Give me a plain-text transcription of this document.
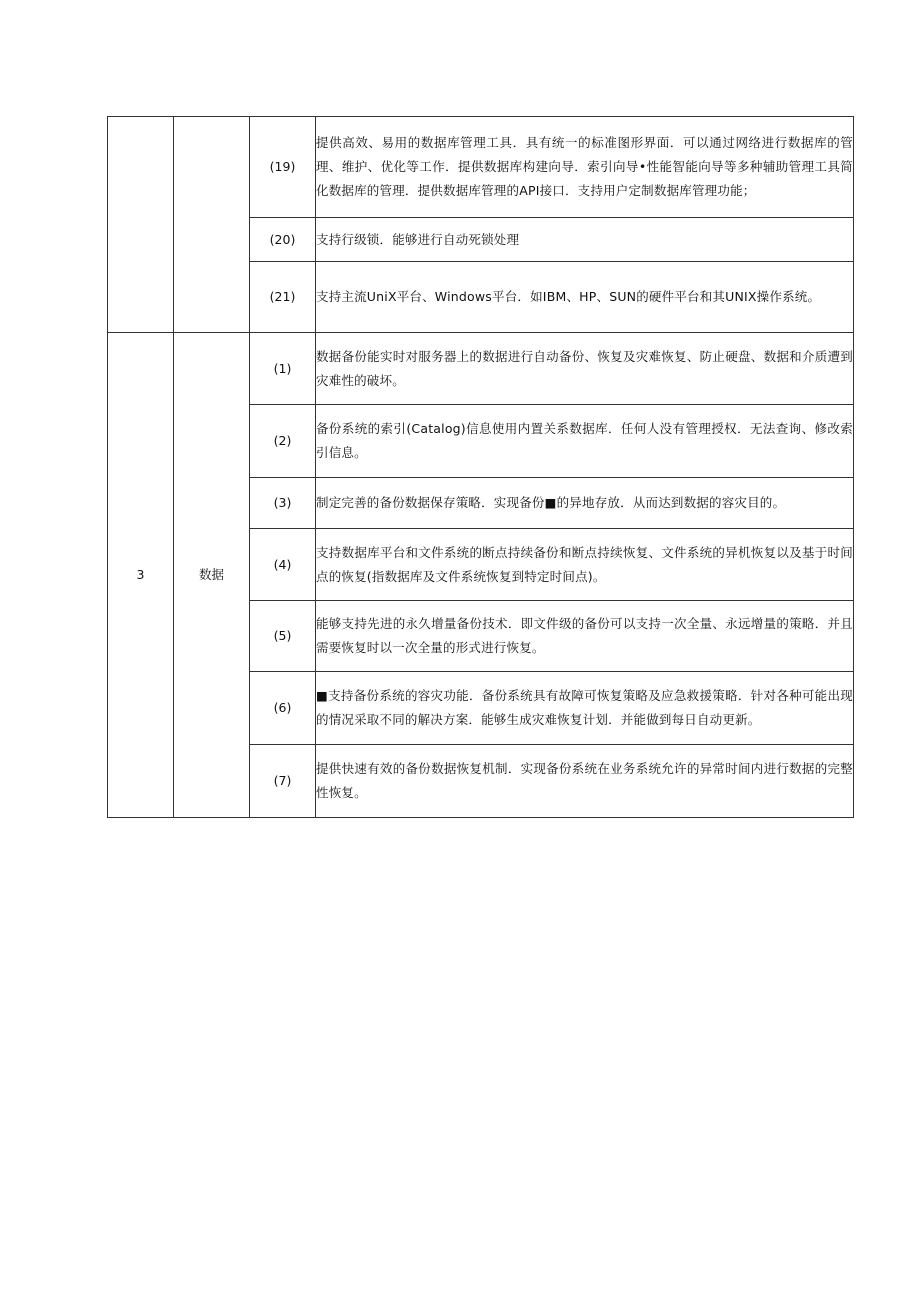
		(19)	提供高效、易用的数据库管理工具．具有统一的标准图形界面．可以通过网络进行数据库的管理、维护、优化等工作．提供数据库构建向导．索引向导•性能智能向导等多种辅助管理工具简化数据库的管理．提供数据库管理的API接口．支持用户定制数据库管理功能；
		(20)	支持行级锁．能够进行自动死锁处理
		(21)	支持主流UniX平台、Windows平台．如IBM、HP、SUN的硬件平台和其UNIX操作系统。
3	数据	(1)	数据备份能实时对服务器上的数据进行自动备份、恢复及灾难恢复、防止硬盘、数据和介质遭到灾难性的破坏。
		(2)	备份系统的索引(Catalog)信息使用内置关系数据库．任何人没有管理授权．无法查询、修改索引信息。
		(3)	制定完善的备份数据保存策略．实现备份■的异地存放．从而达到数据的容灾目的。
		(4)	支持数据库平台和文件系统的断点持续备份和断点持续恢复、文件系统的异机恢复以及基于时间点的恢复(指数据库及文件系统恢复到特定时间点)。
		(5)	能够支持先进的永久增量备份技术．即文件级的备份可以支持一次全量、永远增量的策略．并且需要恢复时以一次全量的形式进行恢复。
		(6)	■支持备份系统的容灾功能．备份系统具有故障可恢复策略及应急救援策略．针对各种可能出现的情况采取不同的解决方案．能够生成灾难恢复计划．并能做到每日自动更新。
		(7)	提供快速有效的备份数据恢复机制．实现备份系统在业务系统允许的异常时间内进行数据的完整性恢复。
